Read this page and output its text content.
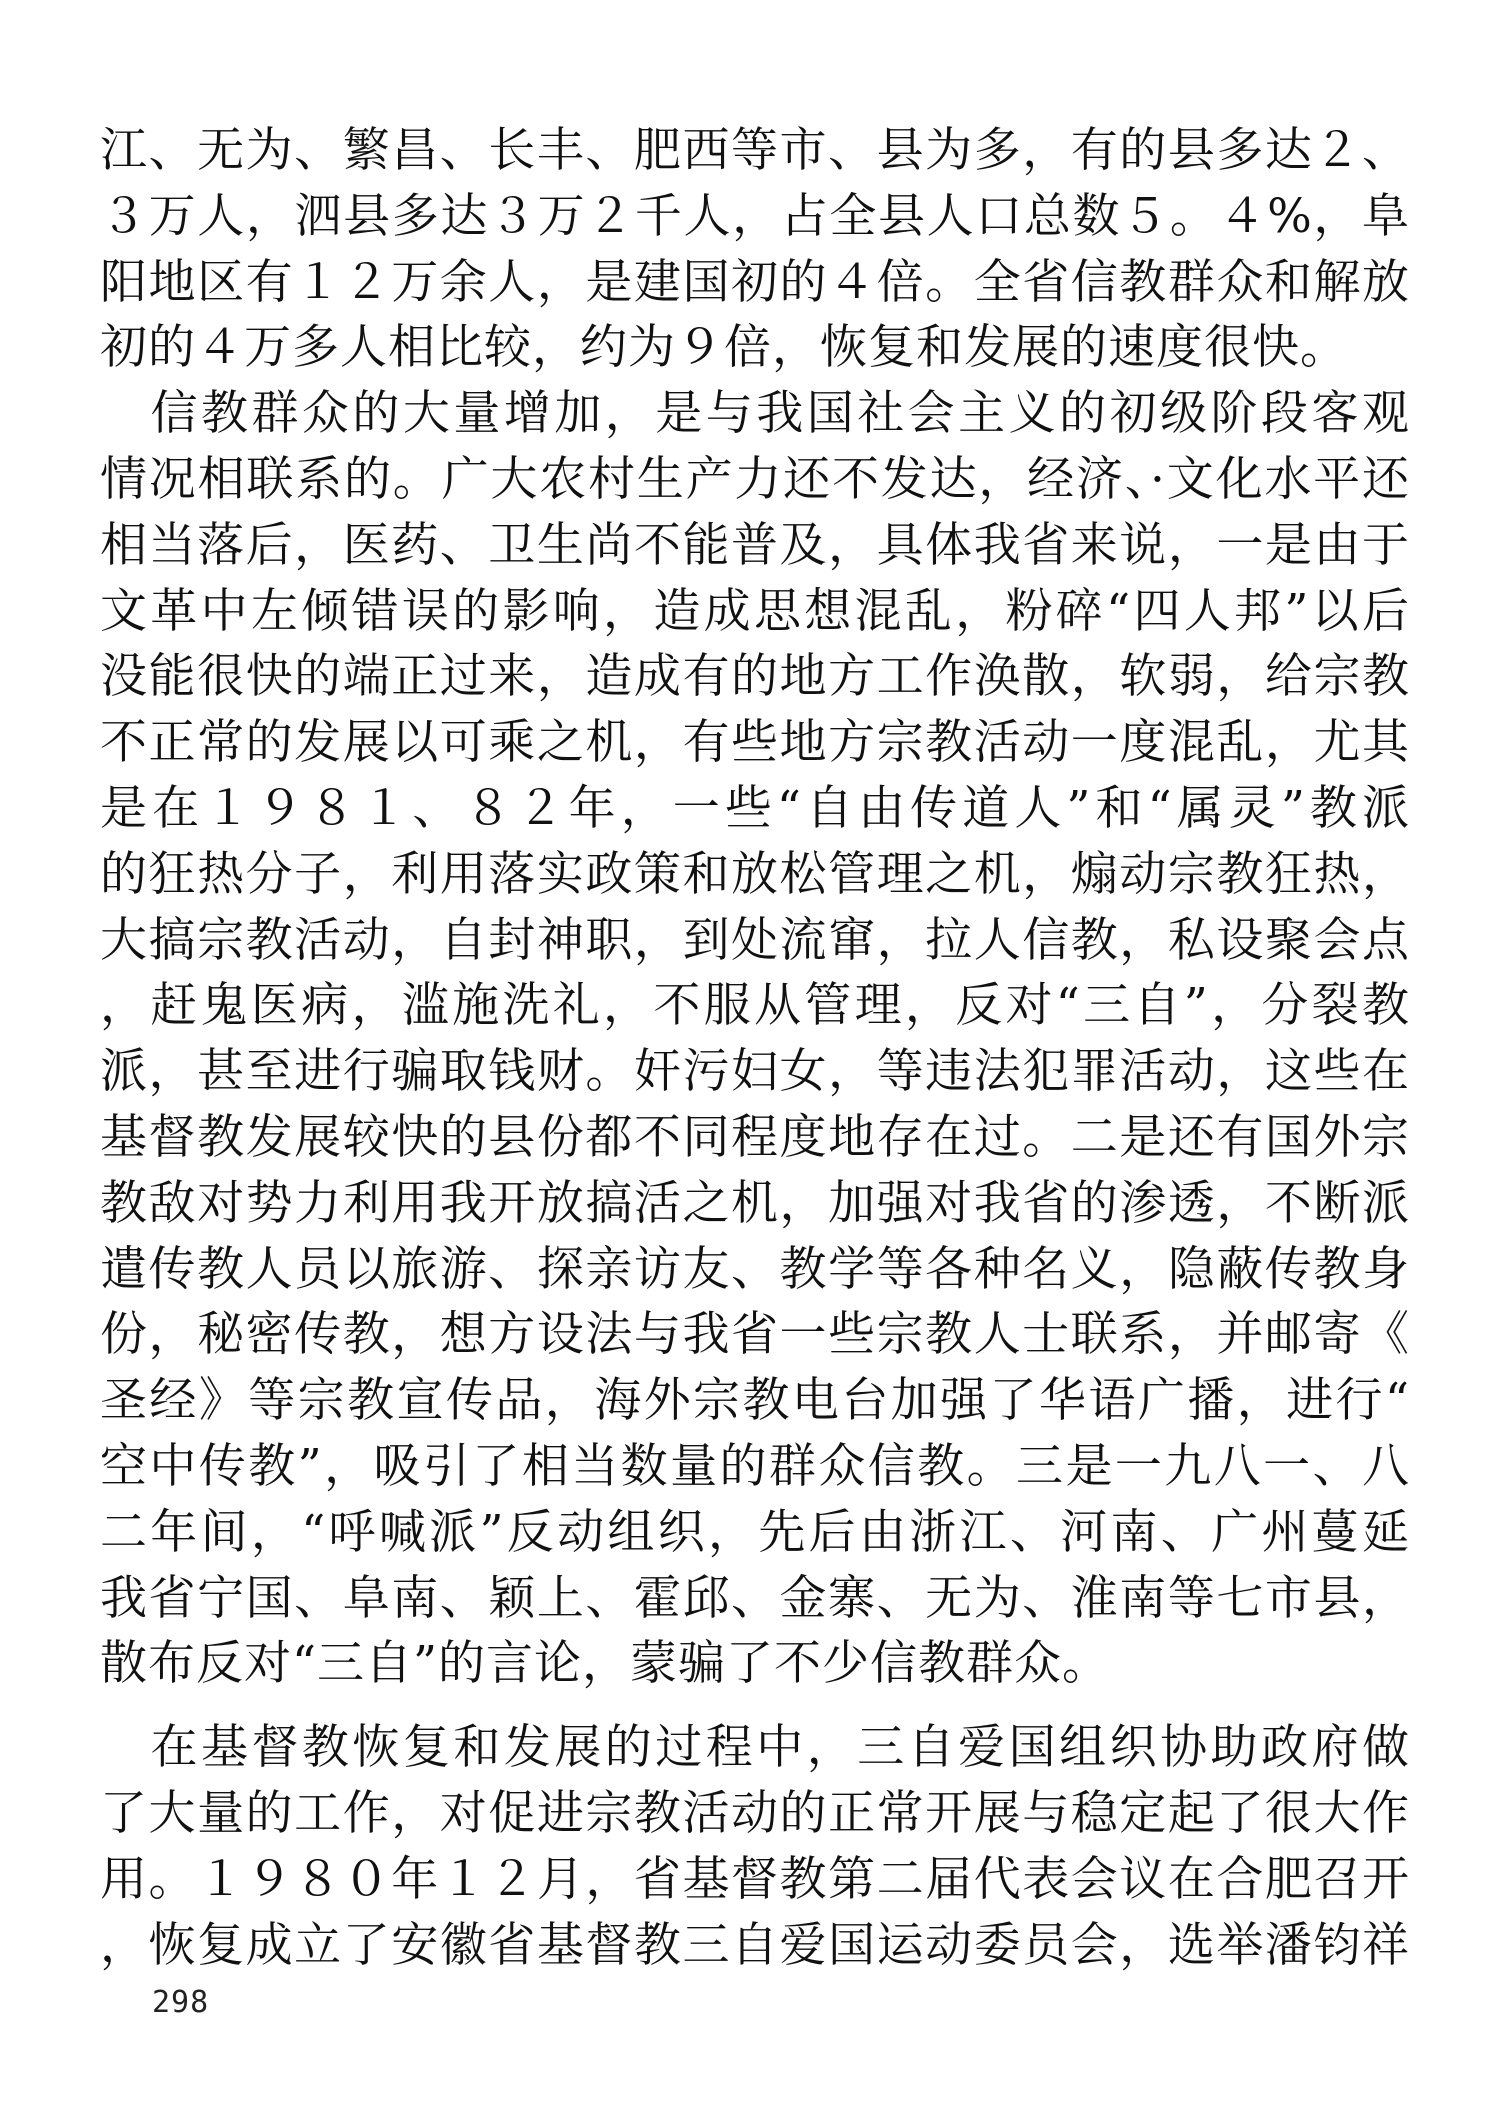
江、无为、繁昌、长丰、肥西等市、县为多，有的县多达２、
３万人，泗县多达３万２千人，占全县人口总数５。４%，阜
阳地区有１２万余人，是建国初的４倍。全省信教群众和解放
初的４万多人相比较，约为９倍，恢复和发展的速度很快。
　信教群众的大量增加，是与我国社会主义的初级阶段客观
情况相联系的。广大农村生产力还不发达，经济、·文化水平还
相当落后，医药、卫生尚不能普及，具体我省来说，一是由于
文革中左倾错误的影响，造成思想混乱，粉碎“四人邦”以后
没能很快的端正过来，造成有的地方工作涣散，软弱，给宗教
不正常的发展以可乘之机，有些地方宗教活动一度混乱，尤其
是在１９８１、８２年，一些“自由传道人”和“属灵”教派
的狂热分子，利用落实政策和放松管理之机，煽动宗教狂热，
大搞宗教活动，自封神职，到处流窜，拉人信教，私设聚会点
，赶鬼医病，滥施洗礼，不服从管理，反对“三自”，分裂教
派，甚至进行骗取钱财。奸污妇女，等违法犯罪活动，这些在
基督教发展较快的县份都不同程度地存在过。二是还有国外宗
教敌对势力利用我开放搞活之机，加强对我省的渗透，不断派
遣传教人员以旅游、探亲访友、教学等各种名义，隐蔽传教身
份，秘密传教，想方设法与我省一些宗教人士联系，并邮寄《
圣经》等宗教宣传品，海外宗教电台加强了华语广播，进行“
空中传教”，吸引了相当数量的群众信教。三是一九八一、八
二年间，“呼喊派”反动组织，先后由浙江、河南、广州蔓延
我省宁国、阜南、颖上、霍邱、金寨、无为、淮南等七市县，
散布反对“三自”的言论，蒙骗了不少信教群众。
　在基督教恢复和发展的过程中，三自爱国组织协助政府做
了大量的工作，对促进宗教活动的正常开展与稳定起了很大作
用。１９８０年１２月，省基督教第二届代表会议在合肥召开
，恢复成立了安徽省基督教三自爱国运动委员会，选举潘钧祥
298
